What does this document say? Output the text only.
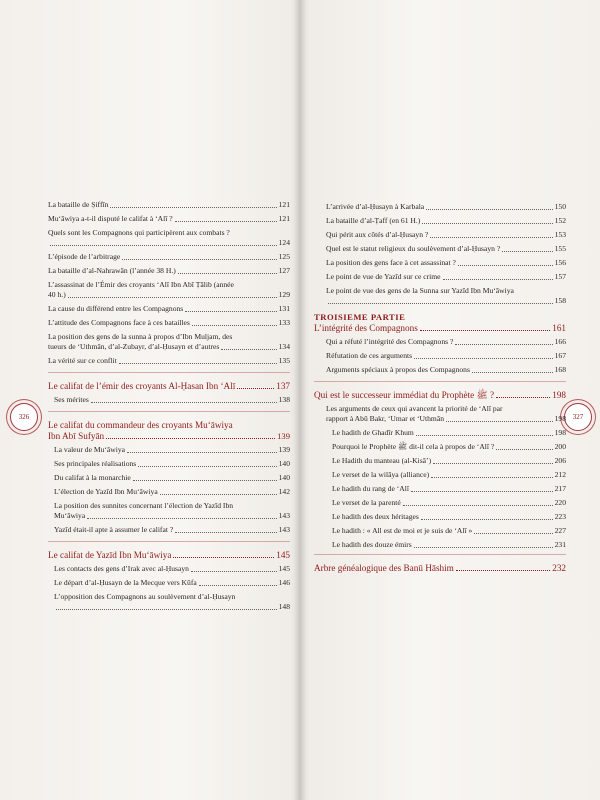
326	327
La bataille de Ṣiffīn	121
Mu‘āwiya a-t-il disputé le califat à ‘Alī ?	121
Quels sont les Compagnons qui participèrent aux combats ?
124
L’épisode de l’arbitrage	125
La bataille d’al-Nahrawān (l’année 38 H.)	127
L’assassinat de l’Émir des croyants ‘Alī Ibn Abī Ṭālib (année
40 h.)	129
La cause du différend entre les Compagnons	131
L’attitude des Compagnons face à ces batailles	133
La position des gens de la sunna à propos d’Ibn Muljam, des
tueurs de ‘Uthmān, d’al-Zubayr, d’al-Ḥusayn et d’autres	134
La vérité sur ce conflit	135
Le califat de l’émir des croyants Al-Ḥasan Ibn ‘Alī	137
Ses mérites	138
Le califat du commandeur des croyants Mu‘āwiya
Ibn Abī Sufyān	139
La valeur de Mu‘āwiya	139
Ses principales réalisations	140
Du califat à la monarchie	140
L’élection de Yazīd Ibn Mu‘āwiya	142
La position des sunnites concernant l’élection de Yazīd Ibn
Mu‘āwiya	143
Yazīd était-il apte à assumer le califat ?	143
Le califat de Yazīd Ibn Mu‘āwiya	145
Les contacts des gens d’Irak avec al-Ḥusayn	145
Le départ d’al-Ḥusayn de la Mecque vers Kūfa	146
L’opposition des Compagnons au soulèvement d’al-Ḥusayn
148
L’arrivée d’al-Ḥusayn à Karbala	150
La bataille d’al-Ṭaff (en 61 H.)	152
Qui périt aux côtés d’al-Ḥusayn ?	153
Quel est le statut religieux du soulèvement d’al-Ḥusayn ?	155
La position des gens face à cet assassinat ?	156
Le point de vue de Yazīd sur ce crime	157
Le point de vue des gens de la Sunna sur Yazīd Ibn Mu‘āwiya
158
TROISIEME PARTIE
L’intégrité des Compagnons	161
Qui a réfuté l’intégrité des Compagnons ?	166
Réfutation de ces arguments	167
Arguments spéciaux à propos des Compagnons	168
Qui est le successeur immédiat du Prophète ﷺ ?	198
Les arguments de ceux qui avancent la priorité de ‘Alī par
rapport à Abū Bakr, ‘Umar et ‘Uthmān	198
Le hadith de Ghadīr Khum	198
Pourquoi le Prophète ﷺ dit-il cela à propos de ‘Alī ?	200
Le Hadith du manteau (al-Kisā’)	206
Le verset de la wilāya (alliance)	212
Le hadith du rang de ‘Alī	217
Le verset de la parenté	220
Le hadith des deux héritages	223
Le hadith : « All est de moi et je suis de ‘Alī »	227
Le hadith des douze émirs	231
Arbre généalogique des Banū Hāshim	232
